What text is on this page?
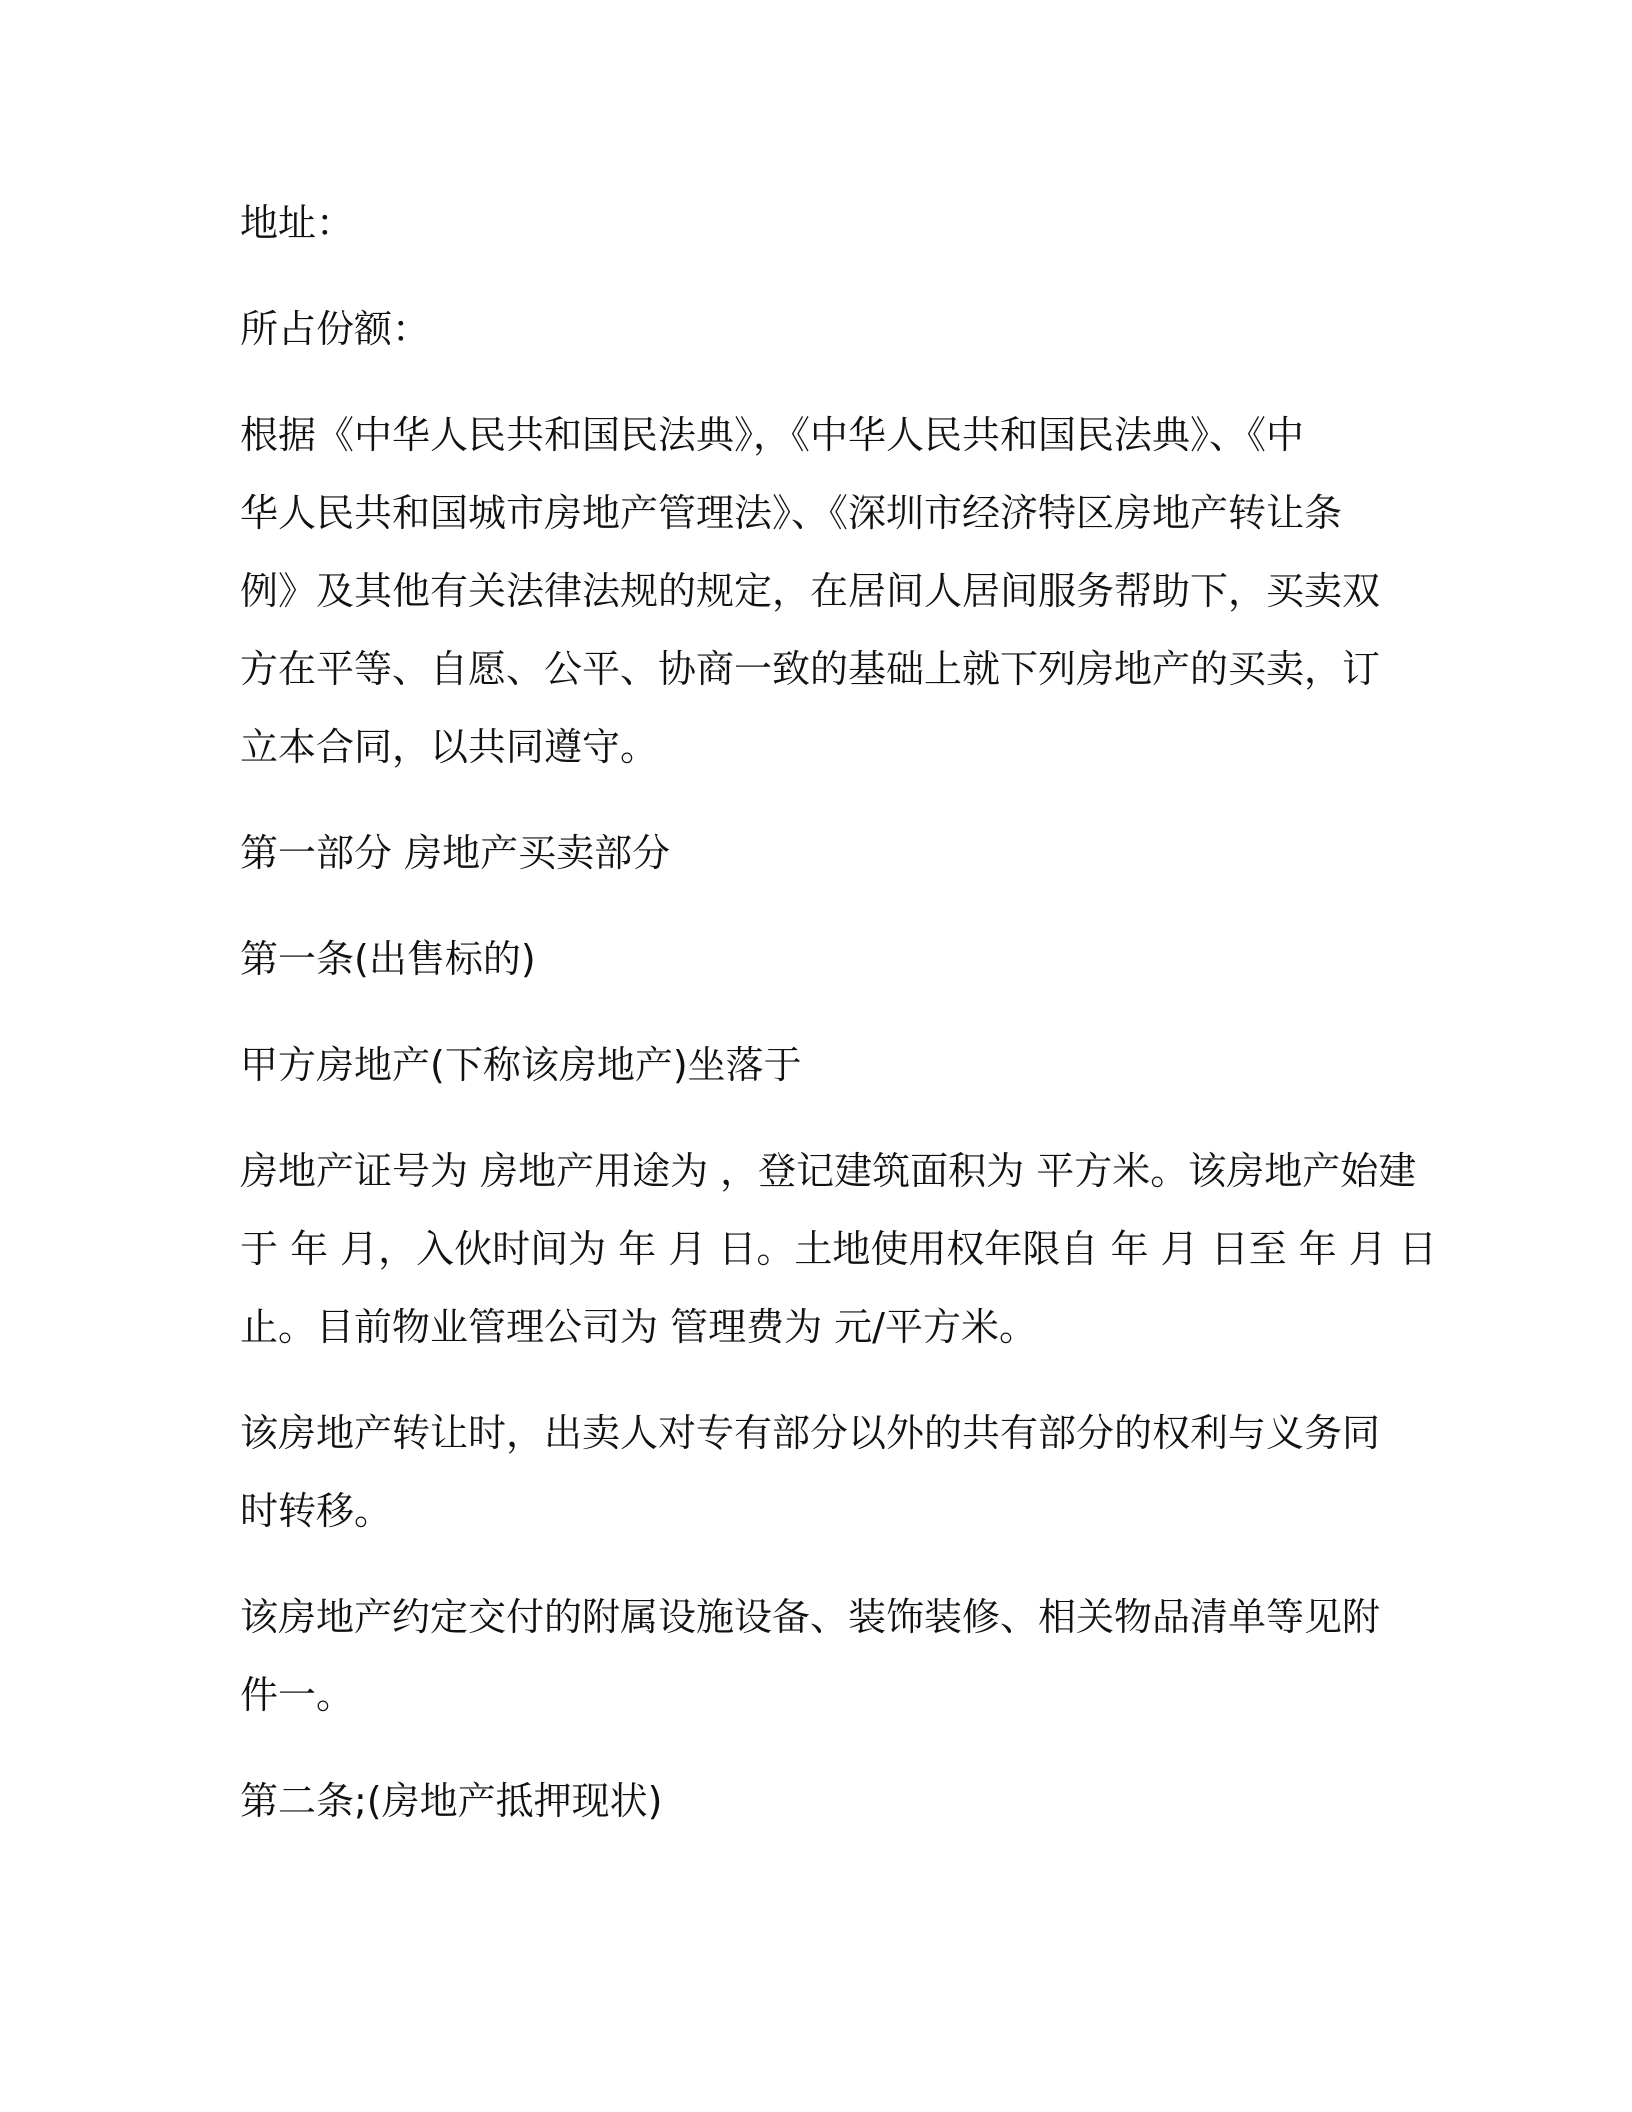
地址：

所占份额：

根据《中华人民共和国民法典》，《中华人民共和国民法典》、《中
华人民共和国城市房地产管理法》、《深圳市经济特区房地产转让条
例》及其他有关法律法规的规定，在居间人居间服务帮助下，买卖双
方在平等、自愿、公平、协商一致的基础上就下列房地产的买卖，订
立本合同，以共同遵守。

第一部分 房地产买卖部分

第一条(出售标的)

甲方房地产(下称该房地产)坐落于

房地产证号为 房地产用途为 ，登记建筑面积为 平方米。该房地产始建
于 年 月，入伙时间为 年 月 日。土地使用权年限自 年 月 日至 年 月 日
止。目前物业管理公司为 管理费为 元/平方米。

该房地产转让时，出卖人对专有部分以外的共有部分的权利与义务同
时转移。

该房地产约定交付的附属设施设备、装饰装修、相关物品清单等见附
件一。

第二条;(房地产抵押现状)
